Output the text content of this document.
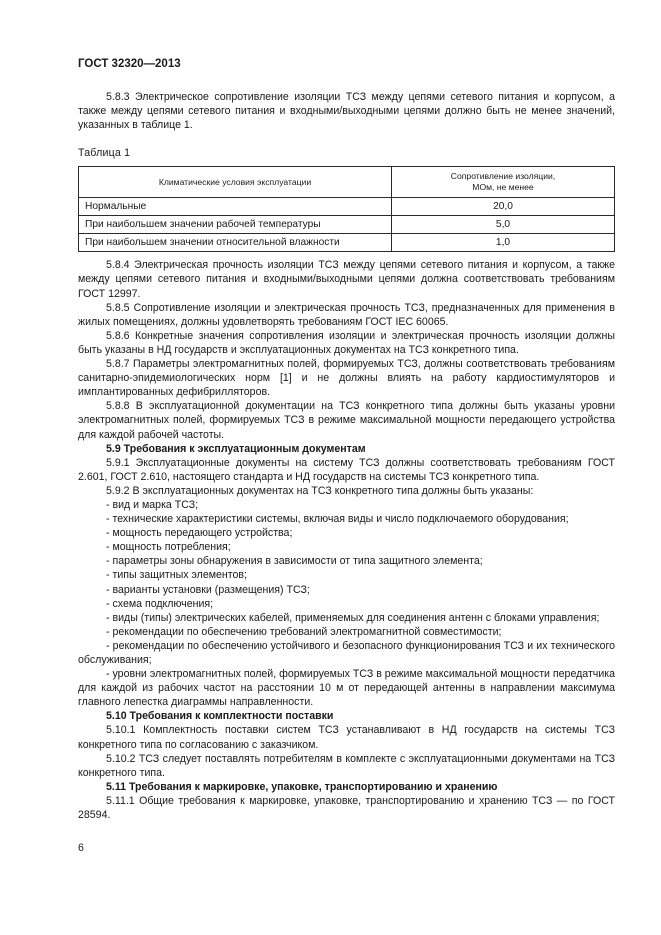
ГОСТ 32320—2013

5.8.3 Электрическое сопротивление изоляции ТСЗ между цепями сетевого питания и корпусом, а также между цепями сетевого питания и входными/выходными цепями должно быть не менее значений, указанных в таблице 1.

Таблица 1
Климатические условия эксплуатации	Сопротивление изоляции,
МОм, не менее
Нормальные	20,0
При наибольшем значении рабочей температуры	5,0
При наибольшем значении относительной влажности	1,0

5.8.4 Электрическая прочность изоляции ТСЗ между цепями сетевого питания и корпусом, а также между цепями сетевого питания и входными/выходными цепями должна соответствовать требованиям ГОСТ 12997.

5.8.5 Сопротивление изоляции и электрическая прочность ТСЗ, предназначенных для применения в жилых помещениях, должны удовлетворять требованиям ГОСТ IEC 60065.

5.8.6 Конкретные значения сопротивления изоляции и электрическая прочность изоляции должны быть указаны в НД государств и эксплуатационных документах на ТСЗ конкретного типа.

5.8.7 Параметры электромагнитных полей, формируемых ТСЗ, должны соответствовать требованиям санитарно-эпидемиологических норм [1] и не должны влиять на работу кардиостимуляторов и имплантированных дефибрилляторов.

5.8.8 В эксплуатационной документации на ТСЗ конкретного типа должны быть указаны уровни электромагнитных полей, формируемых ТСЗ в режиме максимальной мощности передающего устройства для каждой рабочей частоты.

5.9 Требования к эксплуатационным документам

5.9.1 Эксплуатационные документы на систему ТСЗ должны соответствовать требованиям ГОСТ 2.601, ГОСТ 2.610, настоящего стандарта и НД государств на системы ТСЗ конкретного типа.

5.9.2 В эксплуатационных документах на ТСЗ конкретного типа должны быть указаны:

- вид и марка ТСЗ;

- технические характеристики системы, включая виды и число подключаемого оборудования;

- мощность передающего устройства;

- мощность потребления;

- параметры зоны обнаружения в зависимости от типа защитного элемента;

- типы защитных элементов;

- варианты установки (размещения) ТСЗ;

- схема подключения;

- виды (типы) электрических кабелей, применяемых для соединения антенн с блоками управления;

- рекомендации по обеспечению требований электромагнитной совместимости;

- рекомендации по обеспечению устойчивого и безопасного функционирования ТСЗ и их технического обслуживания;

- уровни электромагнитных полей, формируемых ТСЗ в режиме максимальной мощности передатчика для каждой из рабочих частот на расстоянии 10 м от передающей антенны в направлении максимума главного лепестка диаграммы направленности.

5.10 Требования к комплектности поставки

5.10.1 Комплектность поставки систем ТСЗ устанавливают в НД государств на системы ТСЗ конкретного типа по согласованию с заказчиком.

5.10.2 ТСЗ следует поставлять потребителям в комплекте с эксплуатационными документами на ТСЗ конкретного типа.

5.11 Требования к маркировке, упаковке, транспортированию и хранению

5.11.1 Общие требования к маркировке, упаковке, транспортированию и хранению ТСЗ — по ГОСТ 28594.

6
